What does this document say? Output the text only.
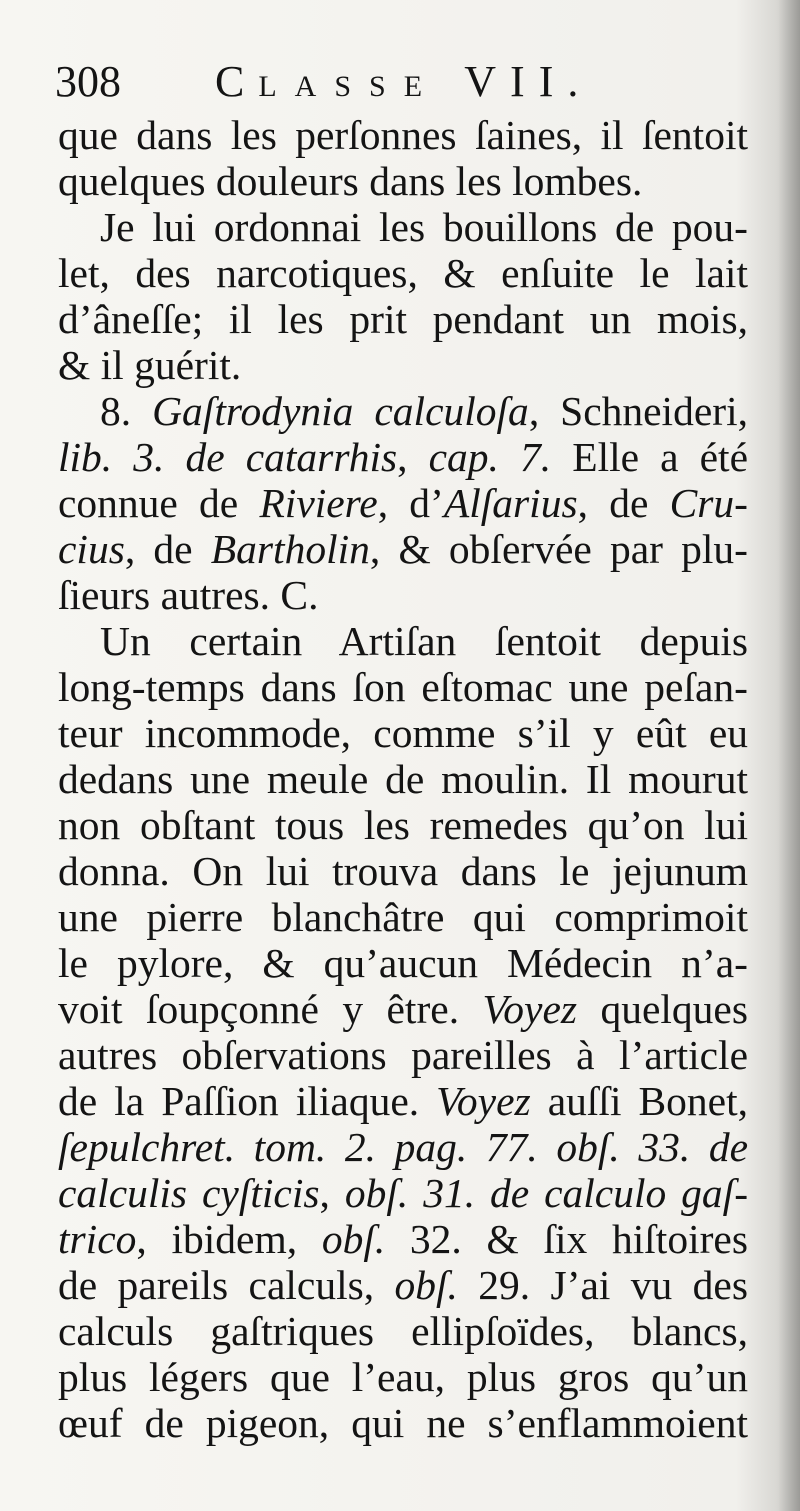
308 CLASSE VII.
que dans les perſonnes ſaines, il ſentoit
quelques douleurs dans les lombes.
Je lui ordonnai les bouillons de pou-
let, des narcotiques, & enſuite le lait
d’âneſſe; il les prit pendant un mois,
& il guérit.
8. Gaſtrodynia calculoſa, Schneideri,
lib. 3. de catarrhis, cap. 7. Elle a été
connue de Riviere, d’Alſarius, de Cru-
cius, de Bartholin, & obſervée par plu-
ſieurs autres. C.
Un certain Artiſan ſentoit depuis
long-temps dans ſon eſtomac une peſan-
teur incommode, comme s’il y eût eu
dedans une meule de moulin. Il mourut
non obſtant tous les remedes qu’on lui
donna. On lui trouva dans le jejunum
une pierre blanchâtre qui comprimoit
le pylore, & qu’aucun Médecin n’a-
voit ſoupçonné y être. Voyez quelques
autres obſervations pareilles à l’article
de la Paſſion iliaque. Voyez auſſi Bonet,
ſepulchret. tom. 2. pag. 77. obſ. 33. de
calculis cyſticis, obſ. 31. de calculo gaſ-
trico, ibidem, obſ. 32. & ſix hiſtoires
de pareils calculs, obſ. 29. J’ai vu des
calculs gaſtriques ellipſoïdes, blancs,
plus légers que l’eau, plus gros qu’un
œuf de pigeon, qui ne s’enflammoient
